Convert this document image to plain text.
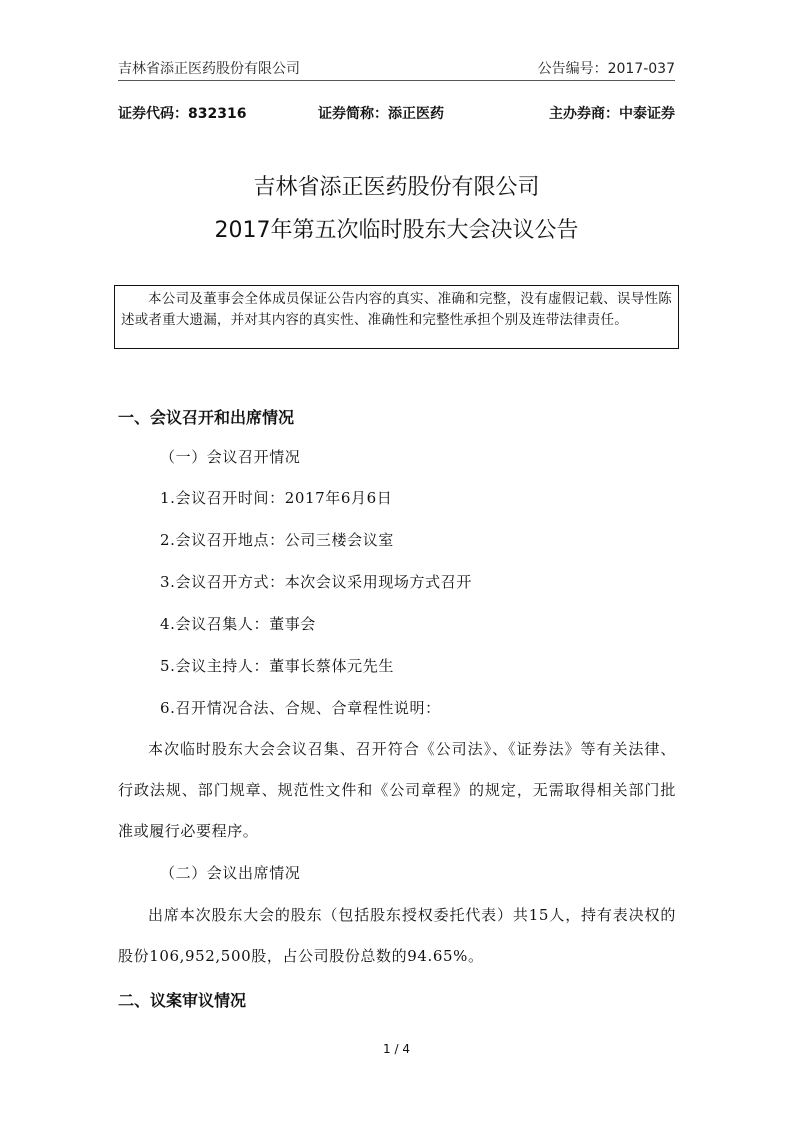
吉林省添正医药股份有限公司	公告编号：2017-037
证券代码：832316	证券简称：添正医药	主办券商：中泰证券
吉林省添正医药股份有限公司
2017年第五次临时股东大会决议公告
本公司及董事会全体成员保证公告内容的真实、准确和完整，没有虚假记载、误导性陈述或者重大遗漏，并对其内容的真实性、准确性和完整性承担个别及连带法律责任。
一、会议召开和出席情况
（一）会议召开情况
1.会议召开时间：2017年6月6日
2.会议召开地点：公司三楼会议室
3.会议召开方式：本次会议采用现场方式召开
4.会议召集人：董事会
5.会议主持人：董事长蔡体元先生
6.召开情况合法、合规、合章程性说明：
本次临时股东大会会议召集、召开符合《公司法》、《证券法》等有关法律、行政法规、部门规章、规范性文件和《公司章程》的规定，无需取得相关部门批准或履行必要程序。
（二）会议出席情况
出席本次股东大会的股东（包括股东授权委托代表）共15人，持有表决权的股份106,952,500股，占公司股份总数的94.65%。
二、议案审议情况
1 / 4
